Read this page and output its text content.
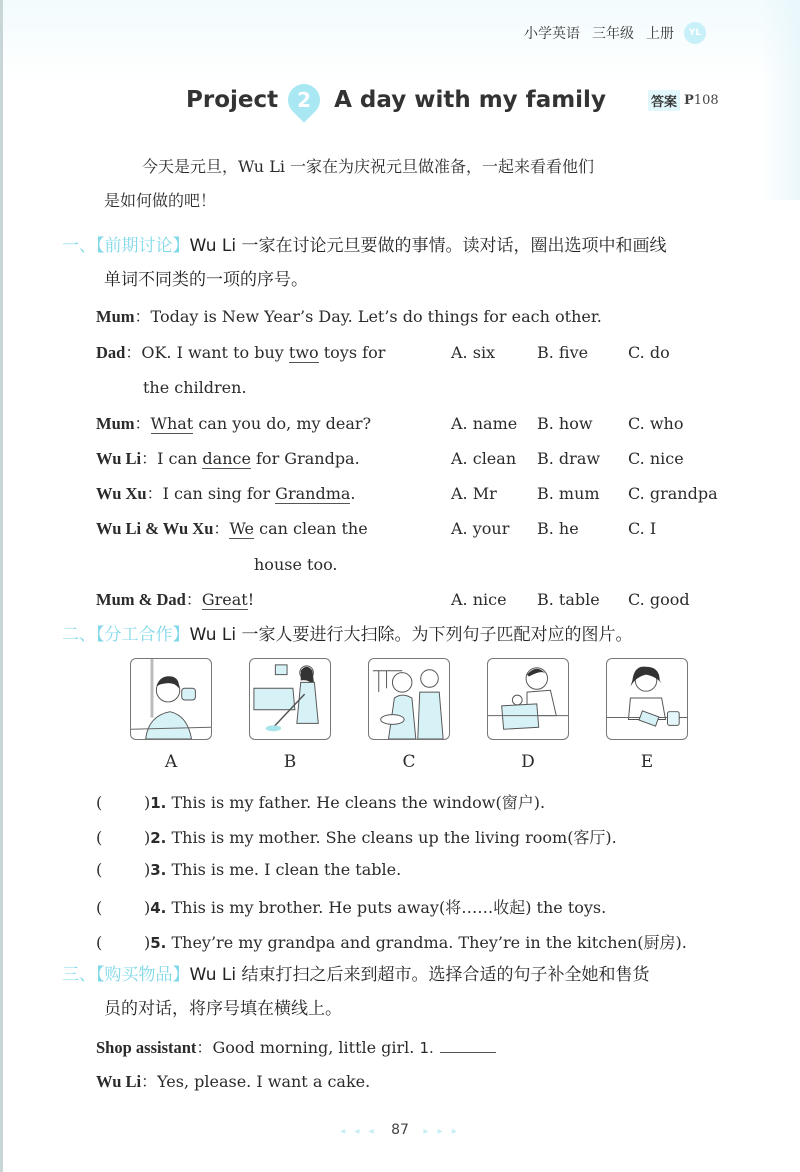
小学英语 三年级 上册	YL
Project 2	A day with my family	答案 P108
今天是元旦，Wu Li 一家在为庆祝元旦做准备，一起来看看他们
是如何做的吧！
一、【前期讨论】Wu Li 一家在讨论元旦要做的事情。读对话，圈出选项中和画线
单词不同类的一项的序号。
Mum：Today is New Year’s Day. Let’s do things for each other.
Dad：OK. I want to buy two toys for
the children.
A. six	B. five C. do
Mum：What can you do, my dear?	A. name B. how C. who
Wu Li：I can dance for Grandpa.	A. clean B. draw C. nice
Wu Xu：I can sing for Grandma.	A. Mr	B. mum C. grandpa
Wu Li & Wu Xu：We can clean the
house too.
A. your B. he	C. I
Mum & Dad：Great!	A. nice B. table C. good
二、【分工合作】Wu Li 一家人要进行大扫除。为下列句子匹配对应的图片。
A	B	C	D	E
(	)1. This is my father. He cleans the window(窗户).
(	)2. This is my mother. She cleans up the living room(客厅).
(	)3. This is me. I clean the table.
(	)4. This is my brother. He puts away(将……收起) the toys.
(	)5. They’re my grandpa and grandma. They’re in the kitchen(厨房).
三、【购买物品】Wu Li 结束打扫之后来到超市。选择合适的句子补全她和售货
员的对话，将序号填在横线上。
Shop assistant：Good morning, little girl. 1.
Wu Li：Yes, please. I want a cake.
◂ ◂ ◂ 87 ▸ ▸ ▸
